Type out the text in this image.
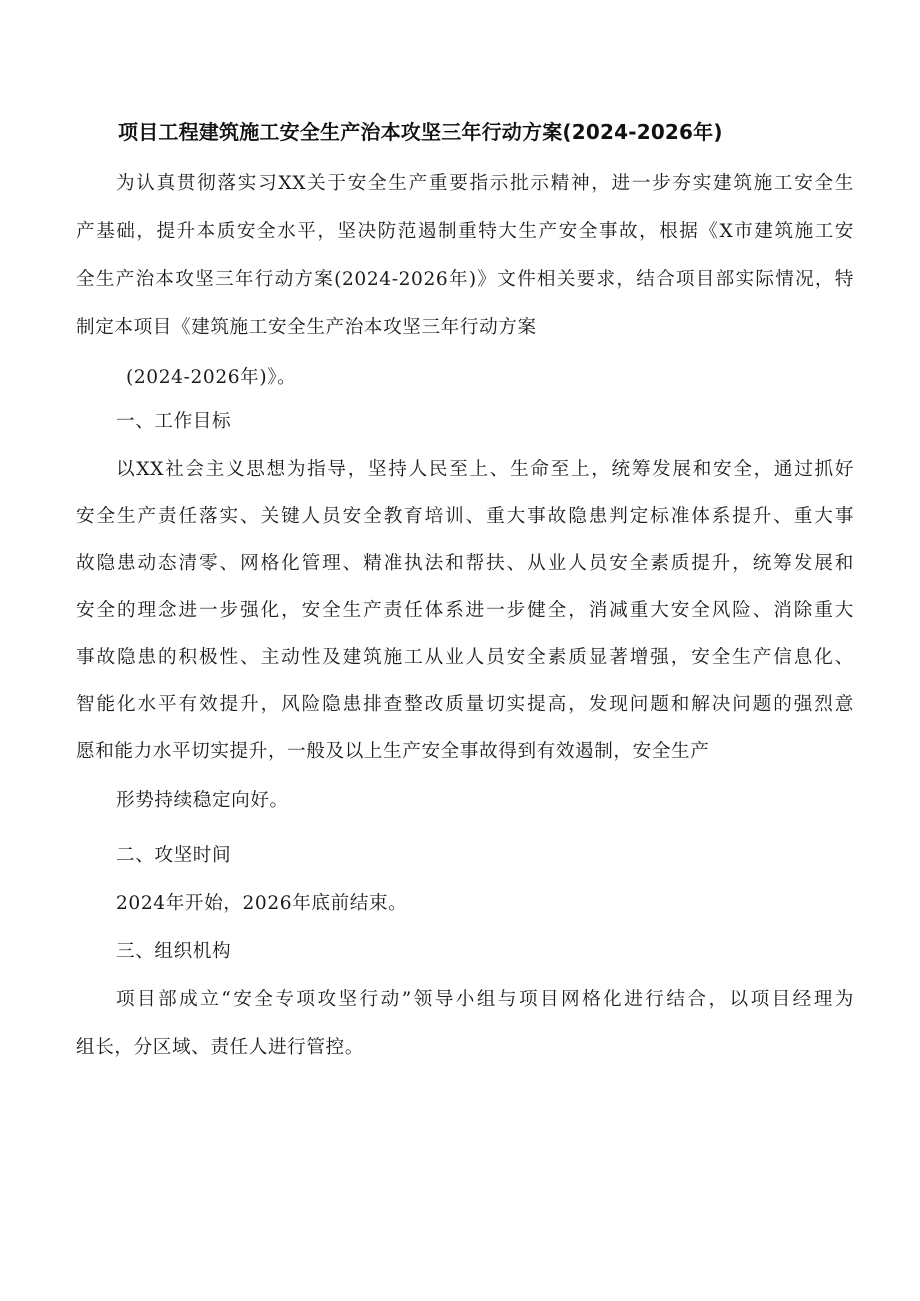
项目工程建筑施工安全生产治本攻坚三年行动方案(2024-2026年)
为认真贯彻落实习XX关于安全生产重要指示批示精神，进一步夯实建筑施工安全生
产基础，提升本质安全水平，坚决防范遏制重特大生产安全事故，根据《X市建筑施工安
全生产治本攻坚三年行动方案(2024-2026年)》文件相关要求，结合项目部实际情况，特
制定本项目《建筑施工安全生产治本攻坚三年行动方案
(2024-2026年)》。
一、工作目标
以XX社会主义思想为指导，坚持人民至上、生命至上，统筹发展和安全，通过抓好
安全生产责任落实、关键人员安全教育培训、重大事故隐患判定标准体系提升、重大事
故隐患动态清零、网格化管理、精准执法和帮扶、从业人员安全素质提升，统筹发展和
安全的理念进一步强化，安全生产责任体系进一步健全，消减重大安全风险、消除重大
事故隐患的积极性、主动性及建筑施工从业人员安全素质显著增强，安全生产信息化、
智能化水平有效提升，风险隐患排查整改质量切实提高，发现问题和解决问题的强烈意
愿和能力水平切实提升，一般及以上生产安全事故得到有效遏制，安全生产
形势持续稳定向好。
二、攻坚时间
2024年开始，2026年底前结束。
三、组织机构
项目部成立“安全专项攻坚行动”领导小组与项目网格化进行结合，以项目经理为
组长，分区域、责任人进行管控。
